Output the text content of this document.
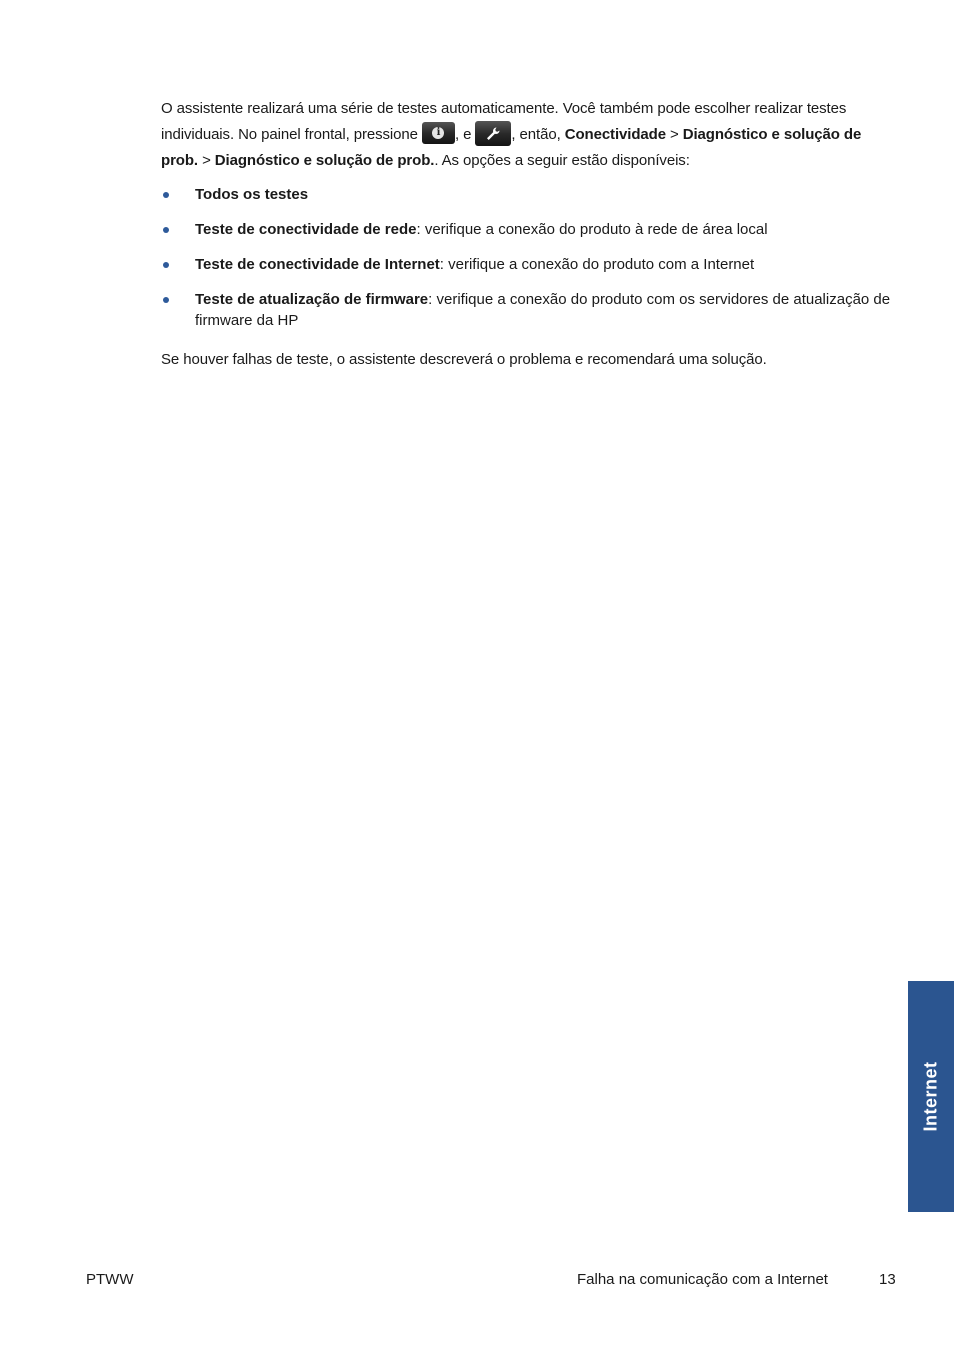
O assistente realizará uma série de testes automaticamente. Você também pode escolher realizar testes individuais. No painel frontal, pressione i , e , então, Conectividade > Diagnóstico e solução de prob. > Diagnóstico e solução de prob.. As opções a seguir estão disponíveis:

Todos os testes
Teste de conectividade de rede: verifique a conexão do produto à rede de área local
Teste de conectividade de Internet: verifique a conexão do produto com a Internet
Teste de atualização de firmware: verifique a conexão do produto com os servidores de atualização de firmware da HP

Se houver falhas de teste, o assistente descreverá o problema e recomendará uma solução.

Internet
PTWW	Falha na comunicação com a Internet	13
